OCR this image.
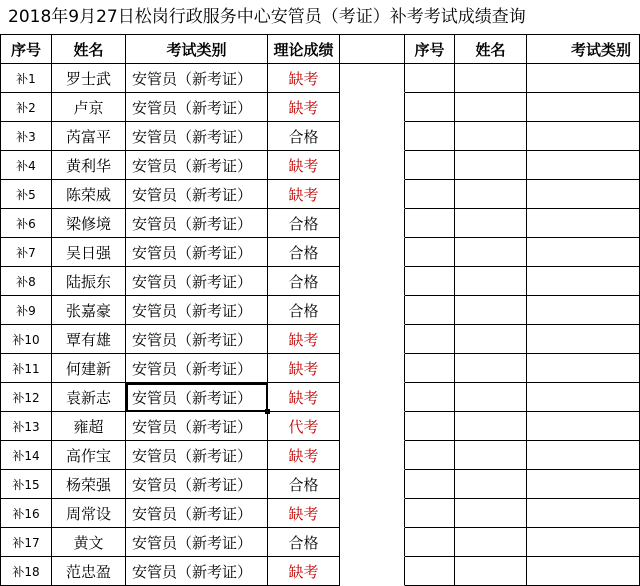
2018年9月27日松岗行政服务中心安管员（考证）补考考试成绩查询
序号	姓名	考试类别	理论成绩
补1	罗士武	安管员（新考证）	缺考
补2	卢京	安管员（新考证）	缺考
补3	芮富平	安管员（新考证）	合格
补4	黄利华	安管员（新考证）	缺考
补5	陈荣威	安管员（新考证）	缺考
补6	梁修境	安管员（新考证）	合格
补7	吴日强	安管员（新考证）	合格
补8	陆振东	安管员（新考证）	合格
补9	张嘉豪	安管员（新考证）	合格
补10	覃有雄	安管员（新考证）	缺考
补11	何建新	安管员（新考证）	缺考
补12	袁新志	安管员（新考证）	缺考
补13	雍超	安管员（新考证）	代考
补14	高作宝	安管员（新考证）	缺考
补15	杨荣强	安管员（新考证）	合格
补16	周常设	安管员（新考证）	缺考
补17	黄文	安管员（新考证）	合格
补18	范忠盈	安管员（新考证）	缺考
序号	姓名	考试类别
